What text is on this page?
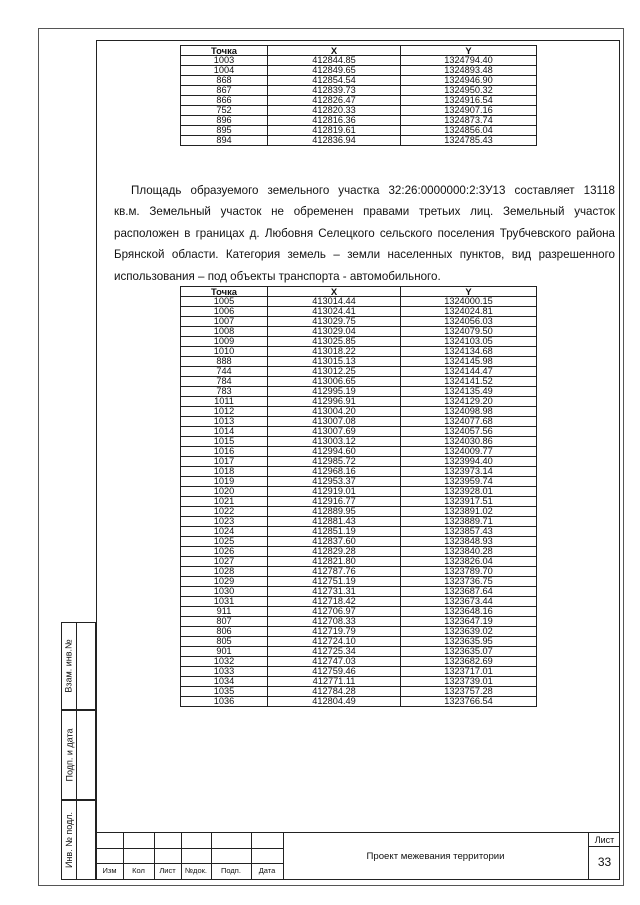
Точка	X	Y
1003	412844.85	1324794.40
1004	412849.65	1324893.48
868	412854.54	1324946.90
867	412839.73	1324950.32
866	412826.47	1324916.54
752	412820.33	1324907.16
896	412816.36	1324873.74
895	412819.61	1324856.04
894	412836.94	1324785.43
Площадь образуемого земельного участка 32:26:0000000:2:3У13 составляет 13118
кв.м. Земельный участок не обременен правами третьих лиц. Земельный участок
расположен в границах д. Любовня Селецкого сельского поселения Трубчевского района
Брянской области. Категория земель – земли населенных пунктов, вид разрешенного
использования – под объекты транспорта - автомобильного.
Точка	X	Y
1005	413014.44	1324000.15
1006	413024.41	1324024.81
1007	413029.75	1324056.03
1008	413029.04	1324079.50
1009	413025.85	1324103.05
1010	413018.22	1324134.68
888	413015.13	1324145.98
744	413012.25	1324144.47
784	413006.65	1324141.52
783	412995.19	1324135.49
1011	412996.91	1324129.20
1012	413004.20	1324098.98
1013	413007.08	1324077.68
1014	413007.69	1324057.56
1015	413003.12	1324030.86
1016	412994.60	1324009.77
1017	412985.72	1323994.40
1018	412968.16	1323973.14
1019	412953.37	1323959.74
1020	412919.01	1323928.01
1021	412916.77	1323917.51
1022	412889.95	1323891.02
1023	412881.43	1323889.71
1024	412851.19	1323857.43
1025	412837.60	1323848.93
1026	412829.28	1323840.28
1027	412821.80	1323826.04
1028	412787.76	1323789.70
1029	412751.19	1323736.75
1030	412731.31	1323687.64
1031	412718.42	1323673.44
911	412706.97	1323648.16
807	412708.33	1323647.19
806	412719.79	1323639.02
805	412724.10	1323635.95
901	412725.34	1323635.07
1032	412747.03	1323682.69
1033	412759.46	1323717.01
1034	412771.11	1323739.01
1035	412784.28	1323757.28
1036	412804.49	1323766.54
Взам. инв.№
Подп. и дата
Инв. № подл.
Изм	Кол	Лист	№док.	Подп.	Дата
Проект межевания территории
Лист
33
